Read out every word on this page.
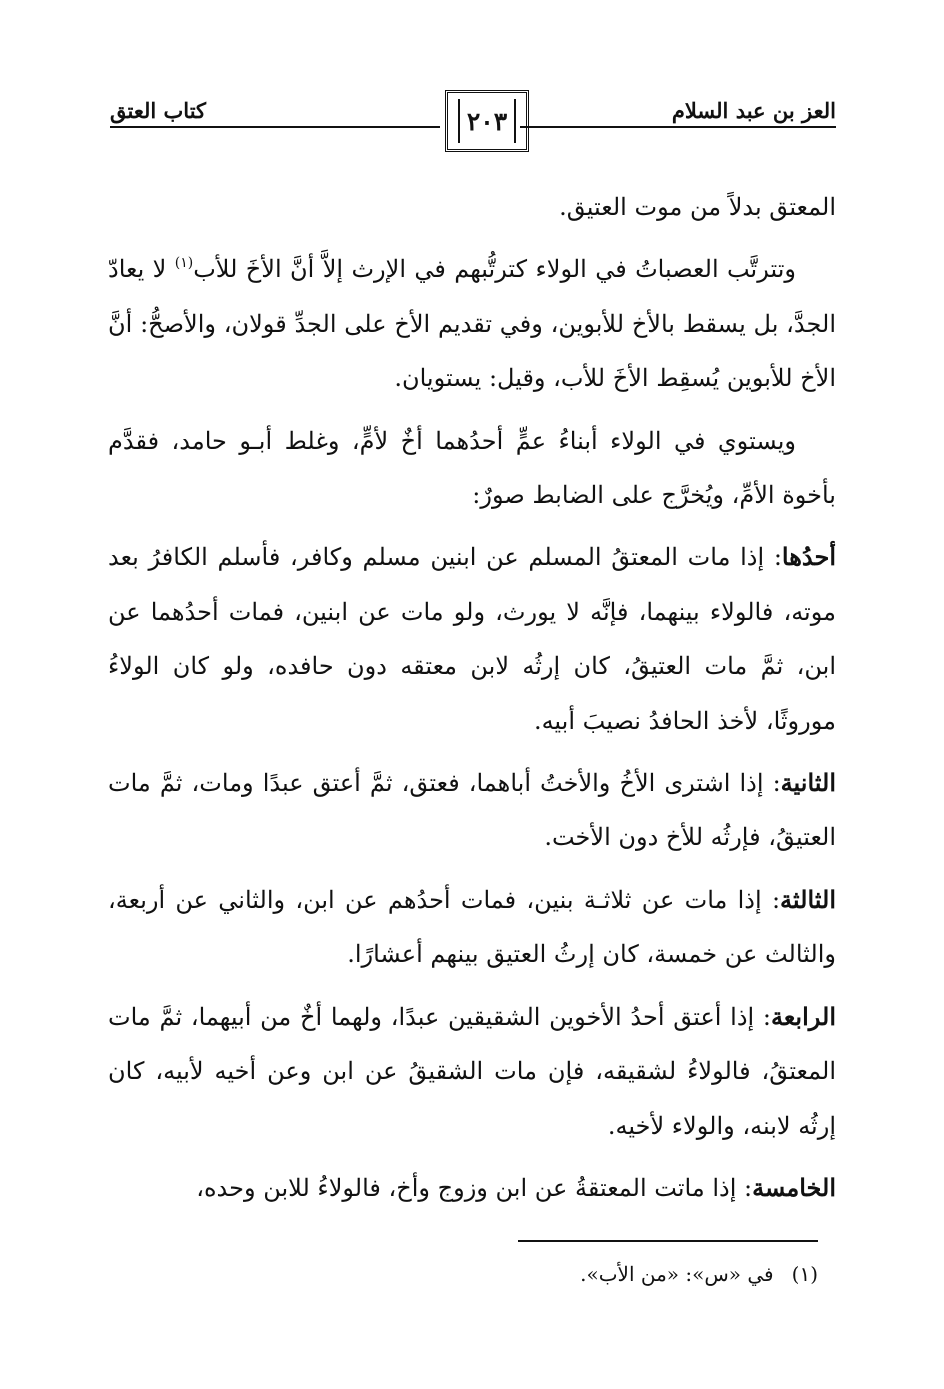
كتاب العتق	٢٠٣	العز بن عبد السلام

المعتق بدلاً من موت العتيق.

وتترتَّب العصباتُ في الولاء كترتُّبهم في الإرث إلاَّ أنَّ الأخَ للأب$^{(١)}$ لا يعادّ الجدَّ، بل يسقط بالأخ للأبوين، وفي تقديم الأخ على الجدِّ قولان، والأصحُّ: أنَّ الأخ للأبوين يُسقِط الأخَ للأب، وقيل: يستويان.

ويستوي في الولاء أبناءُ عمٍّ أحدُهما أخٌ لأمٍّ، وغلط أبـو حامد، فقدَّم بأخوة الأمِّ، ويُخرَّج على الضابط صورٌ:

أحدُها: إذا مات المعتقُ المسلم عن ابنين مسلم وكافر، فأسلم الكافرُ بعد موته، فالولاء بينهما، فإنَّه لا يورث، ولو مات عن ابنين، فمات أحدُهما عن ابن، ثمَّ مات العتيقُ، كان إرثُه لابن معتقه دون حافده، ولو كان الولاءُ موروثًا، لأخذ الحافدُ نصيبَ أبيه.

الثانية: إذا اشترى الأخُ والأختُ أباهما، فعتق، ثمَّ أعتق عبدًا ومات، ثمَّ مات العتيقُ، فإرثُه للأخ دون الأخت.

الثالثة: إذا مات عن ثلاثـة بنين، فمات أحدُهم عن ابن، والثاني عن أربعة، والثالث عن خمسة، كان إرثُ العتيق بينهم أعشارًا.

الرابعة: إذا أعتق أحدُ الأخوين الشقيقين عبدًا، ولهما أخٌ من أبيهما، ثمَّ مات المعتقُ، فالولاءُ لشقيقه، فإن مات الشقيقُ عن ابن وعن أخيه لأبيه، كان إرثُه لابنه، والولاء لأخيه.

الخامسة: إذا ماتت المعتقةُ عن ابن وزوج وأخ، فالولاءُ للابن وحده،

(١)في «س»: «من الأب».
